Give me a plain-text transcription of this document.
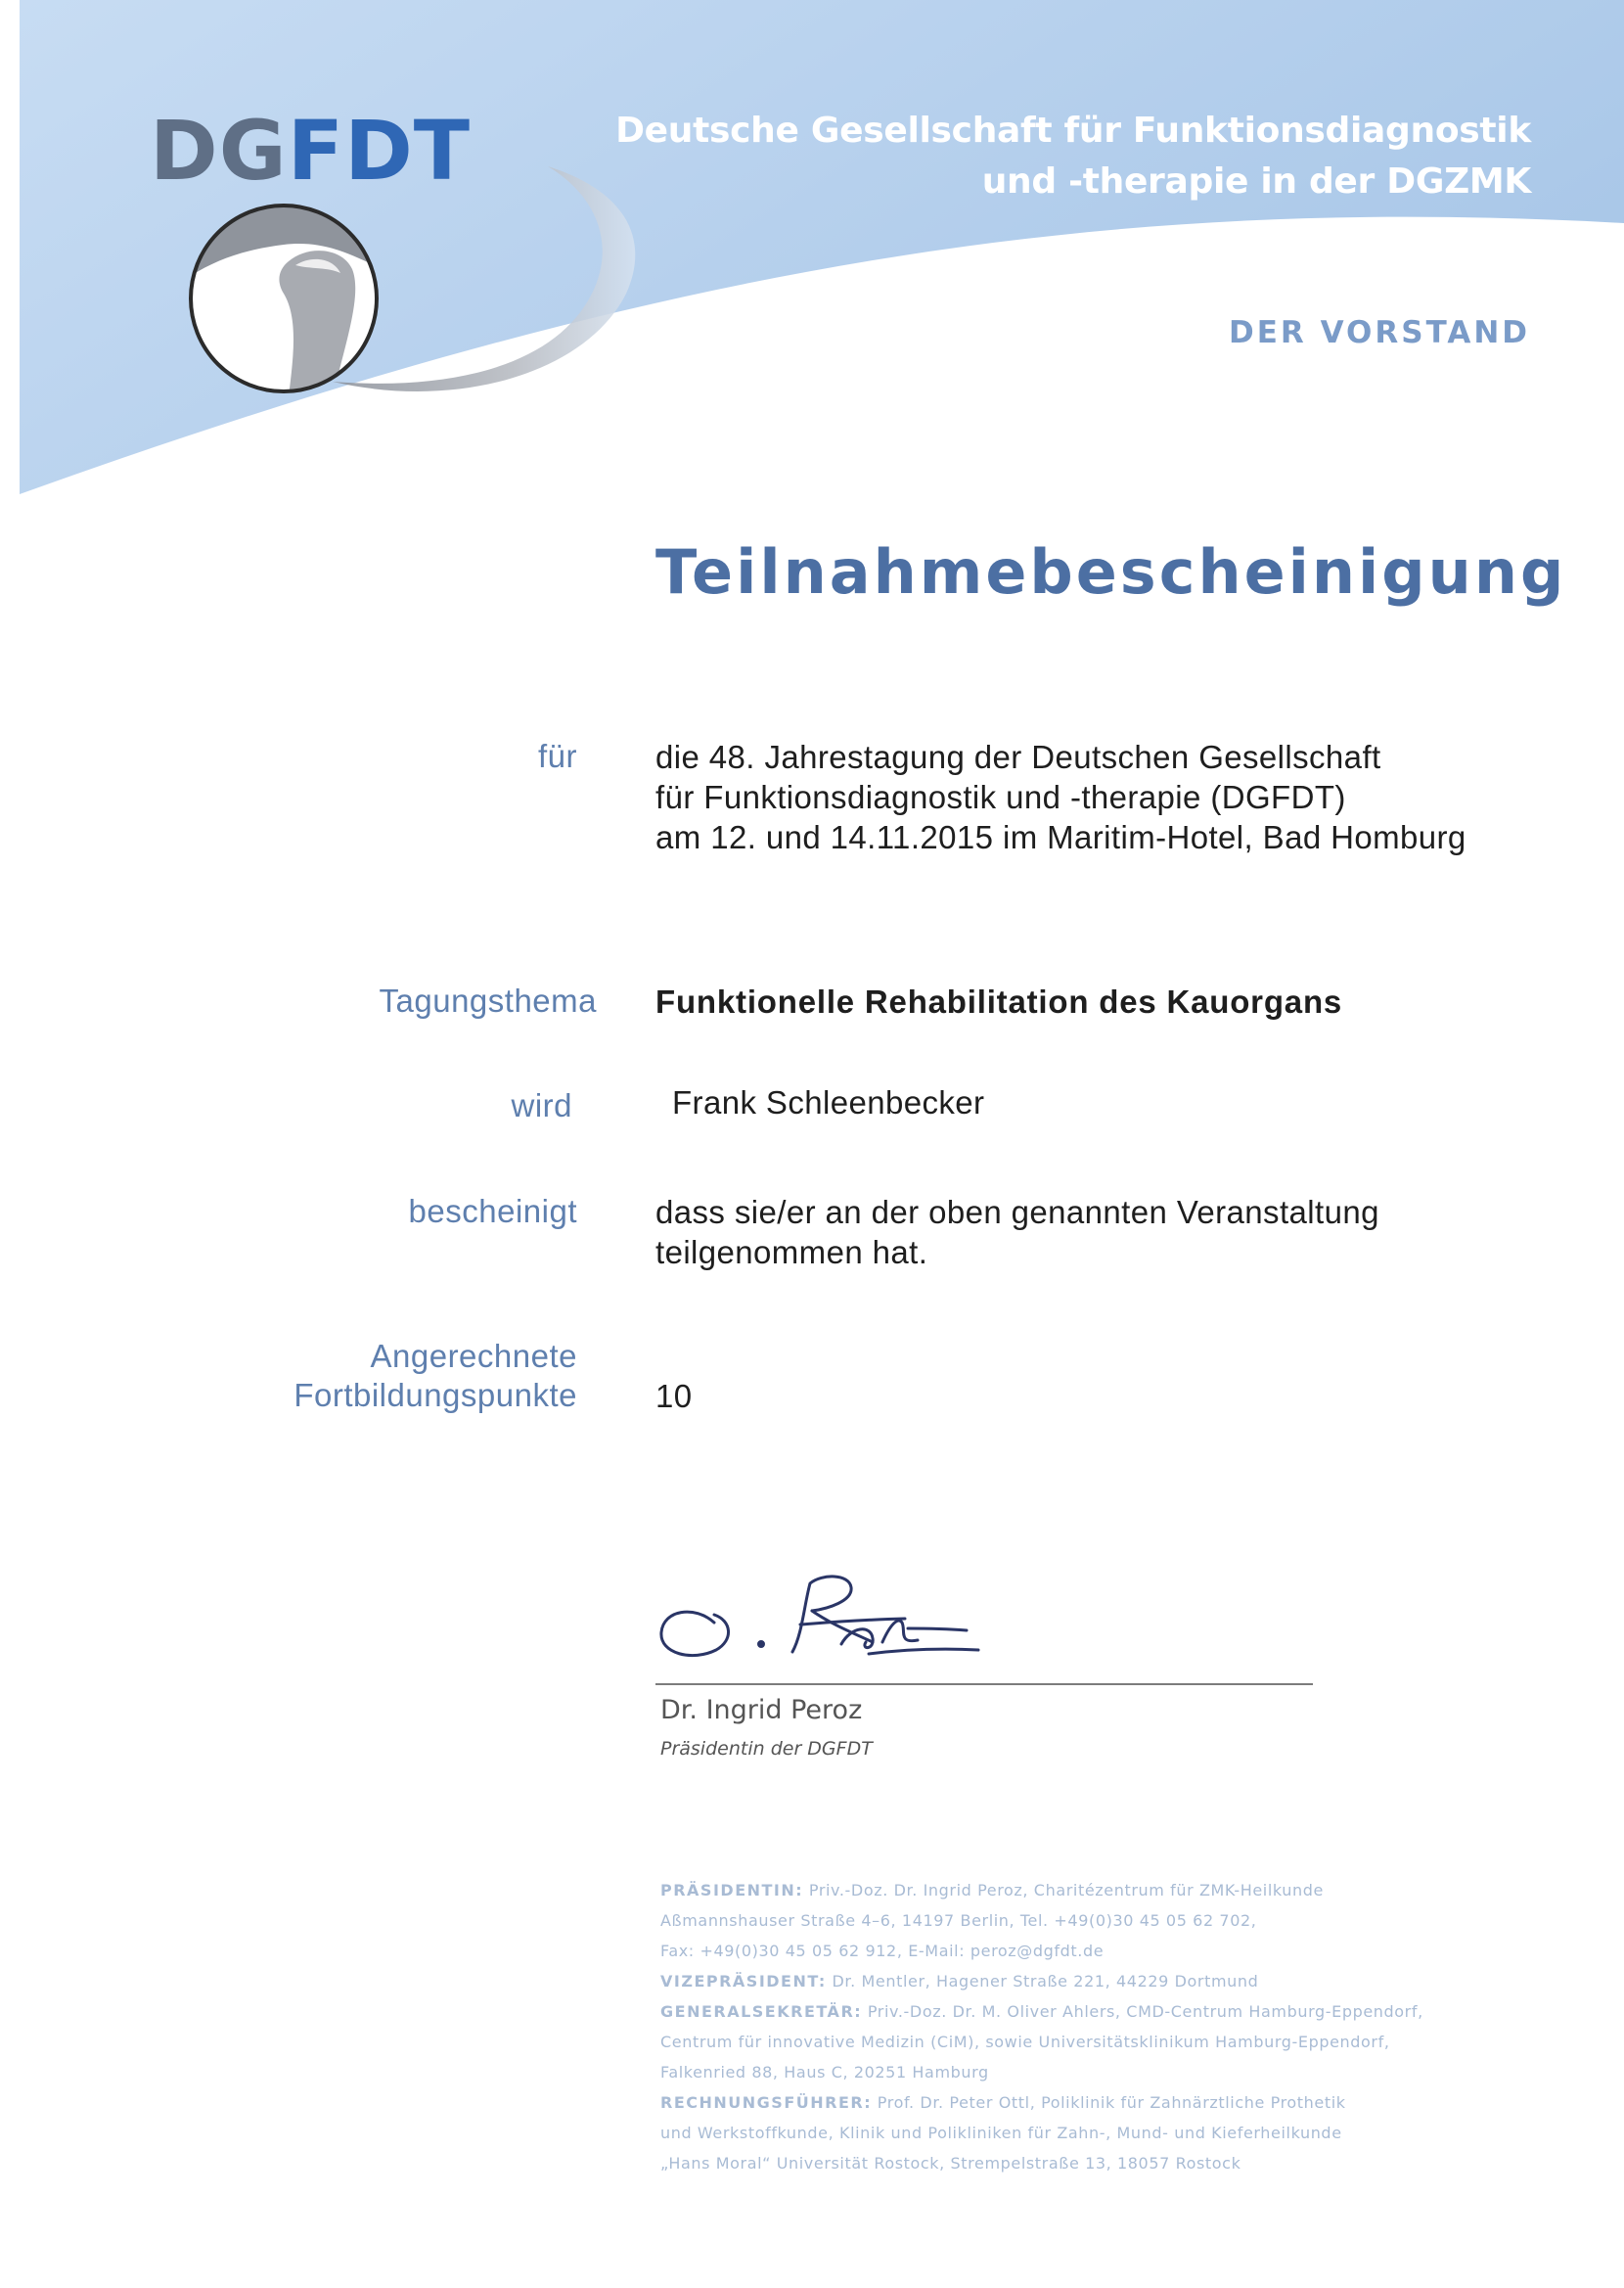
DGFDT	Deutsche Gesellschaft für Funktionsdiagnostik
und -therapie in der DGZMK
DER VORSTAND
Teilnahmebescheinigung
für die 48. Jahrestagung der Deutschen Gesellschaft
für Funktionsdiagnostik und -therapie (DGFDT)
am 12. und 14.11.2015 im Maritim-Hotel, Bad Homburg
Tagungsthema Funktionelle Rehabilitation des Kauorgans
wird	Frank Schleenbecker
bescheinigt dass sie/er an der oben genannten Veranstaltung
teilgenommen hat.
Angerechnete
Fortbildungspunkte 10
Dr. Ingrid Peroz
Präsidentin der DGFDT
PRÄSIDENTIN: Priv.-Doz. Dr. Ingrid Peroz, Charitézentrum für ZMK-Heilkunde
Aßmannshauser Straße 4–6, 14197 Berlin, Tel. +49(0)30 45 05 62 702,
Fax: +49(0)30 45 05 62 912, E-Mail: peroz@dgfdt.de
VIZEPRÄSIDENT: Dr. Mentler, Hagener Straße 221, 44229 Dortmund
GENERALSEKRETÄR: Priv.-Doz. Dr. M. Oliver Ahlers, CMD-Centrum Hamburg-Eppendorf,
Centrum für innovative Medizin (CiM), sowie Universitätsklinikum Hamburg-Eppendorf,
Falkenried 88, Haus C, 20251 Hamburg
RECHNUNGSFÜHRER: Prof. Dr. Peter Ottl, Poliklinik für Zahnärztliche Prothetik
und Werkstoffkunde, Klinik und Polikliniken für Zahn-, Mund- und Kieferheilkunde
„Hans Moral“ Universität Rostock, Strempelstraße 13, 18057 Rostock
